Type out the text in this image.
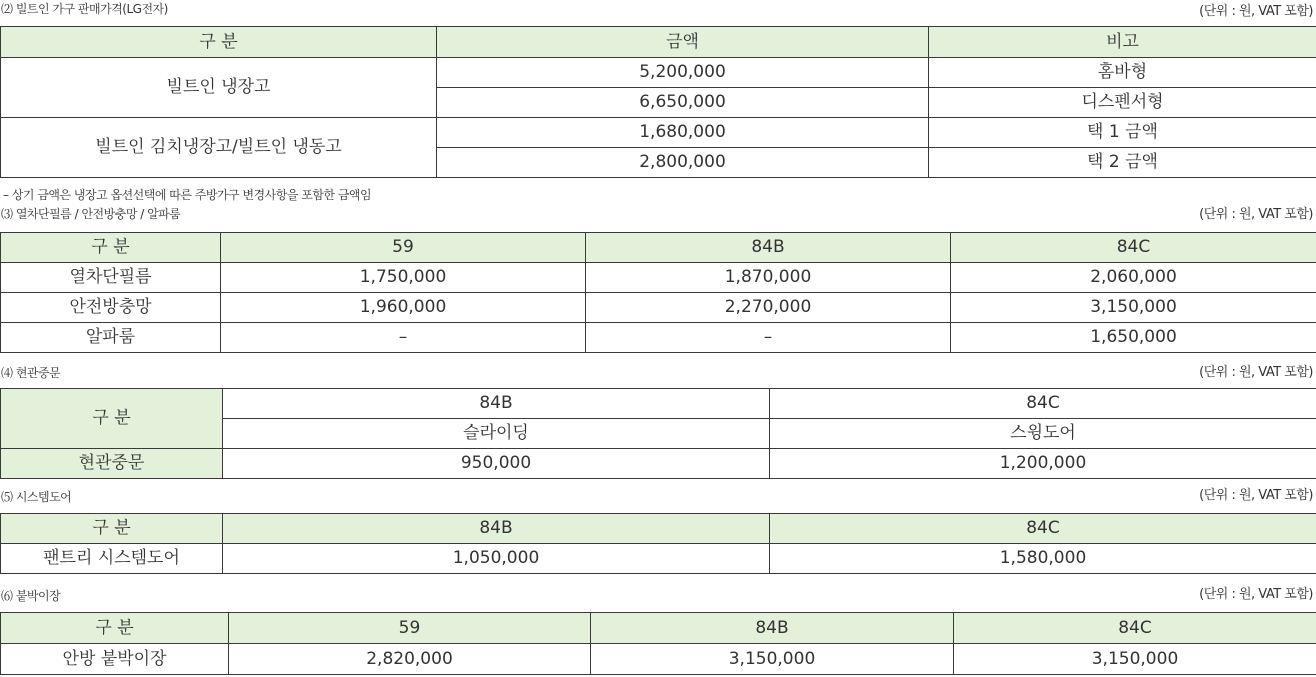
⑵ 빌트인 가구 판매가격(LG전자)	(단위 : 원, VAT 포함)
구 분	금액	비고
빌트인 냉장고	5,200,000	홈바형
	6,650,000	디스펜서형
빌트인 김치냉장고/빌트인 냉동고	1,680,000	택 1 금액
	2,800,000	택 2 금액
– 상기 금액은 냉장고 옵션선택에 따른 주방가구 변경사항을 포함한 금액임
⑶ 열차단필름 / 안전방충망 / 알파룸	(단위 : 원, VAT 포함)
구 분	59	84B	84C
열차단필름	1,750,000	1,870,000	2,060,000
안전방충망	1,960,000	2,270,000	3,150,000
알파룸	–	–	1,650,000
⑷ 현관중문	(단위 : 원, VAT 포함)
구 분	84B	84C
	슬라이딩	스윙도어
현관중문	950,000	1,200,000
⑸ 시스템도어	(단위 : 원, VAT 포함)
구 분	84B	84C
팬트리 시스템도어	1,050,000	1,580,000
⑹ 붙박이장	(단위 : 원, VAT 포함)
구 분	59	84B	84C
안방 붙박이장	2,820,000	3,150,000	3,150,000
